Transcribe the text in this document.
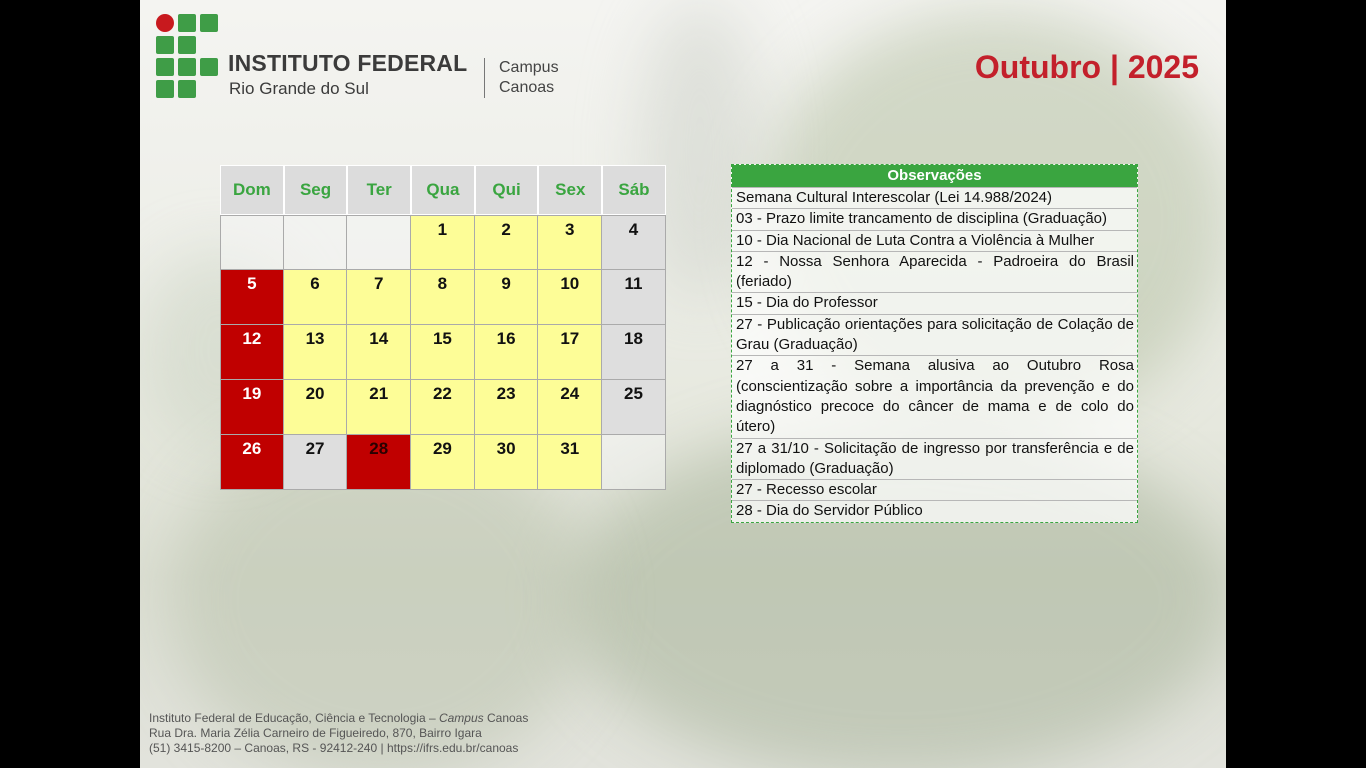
INSTITUTO FEDERAL
Rio Grande do Sul
Campus
Canoas
Outubro | 2025
Dom	Seg	Ter	Qua	Qui	Sex	Sáb
			1	2	3	4
5	6	7	8	9	10	11
12	13	14	15	16	17	18
19	20	21	22	23	24	25
26	27	28	29	30	31	
Observações
Semana Cultural Interescolar (Lei 14.988/2024)
03 - Prazo limite trancamento de disciplina (Graduação)
10 - Dia Nacional de Luta Contra a Violência à Mulher
12 - Nossa Senhora Aparecida - Padroeira do Brasil (feriado)
15 - Dia do Professor
27 - Publicação orientações para solicitação de Colação de Grau (Graduação)
27 a 31 - Semana alusiva ao Outubro Rosa (conscientização sobre a importância da prevenção e do diagnóstico precoce do câncer de mama e de colo do útero)
27 a 31/10 - Solicitação de ingresso por transferência e de diplomado (Graduação)
27 - Recesso escolar
28 - Dia do Servidor Público
Instituto Federal de Educação, Ciência e Tecnologia – Campus Canoas
Rua Dra. Maria Zélia Carneiro de Figueiredo, 870, Bairro Igara
(51) 3415-8200 – Canoas, RS - 92412-240 | https://ifrs.edu.br/canoas
